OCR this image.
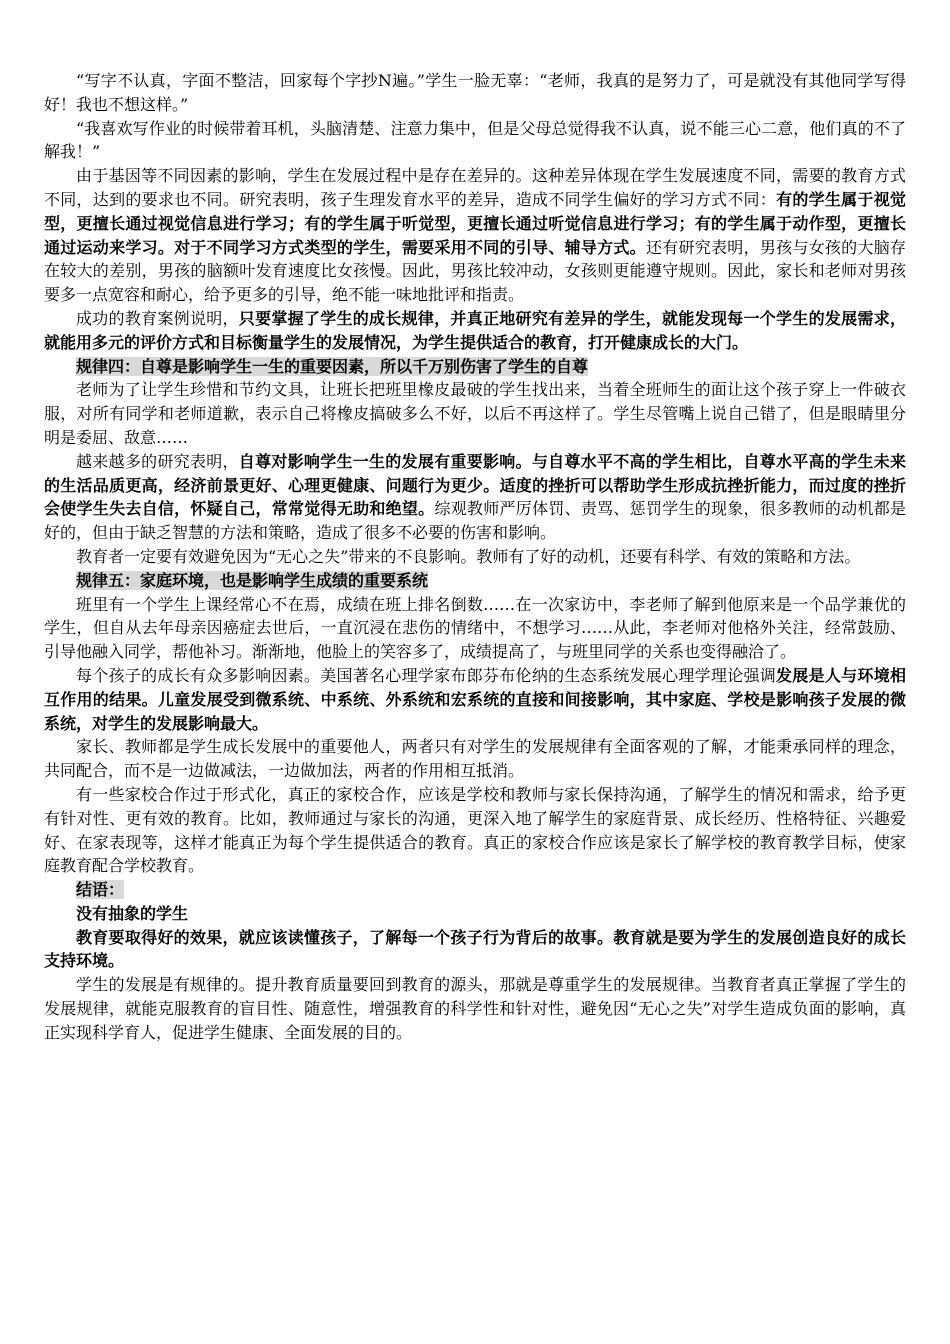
“写字不认真，字面不整洁，回家每个字抄N遍。”学生一脸无辜：“老师，我真的是努力了，可是就没有其他同学写得好！我也不想这样。”

“我喜欢写作业的时候带着耳机，头脑清楚、注意力集中，但是父母总觉得我不认真，说不能三心二意，他们真的不了解我！”

由于基因等不同因素的影响，学生在发展过程中是存在差异的。这种差异体现在学生发展速度不同，需要的教育方式不同，达到的要求也不同。研究表明，孩子生理发育水平的差异，造成不同学生偏好的学习方式不同：有的学生属于视觉型，更擅长通过视觉信息进行学习；有的学生属于听觉型，更擅长通过听觉信息进行学习；有的学生属于动作型，更擅长通过运动来学习。对于不同学习方式类型的学生，需要采用不同的引导、辅导方式。还有研究表明，男孩与女孩的大脑存在较大的差别，男孩的脑额叶发育速度比女孩慢。因此，男孩比较冲动，女孩则更能遵守规则。因此，家长和老师对男孩要多一点宽容和耐心，给予更多的引导，绝不能一味地批评和指责。

成功的教育案例说明，只要掌握了学生的成长规律，并真正地研究有差异的学生，就能发现每一个学生的发展需求，就能用多元的评价方式和目标衡量学生的发展情况，为学生提供适合的教育，打开健康成长的大门。

规律四：自尊是影响学生一生的重要因素，所以千万别伤害了学生的自尊

老师为了让学生珍惜和节约文具，让班长把班里橡皮最破的学生找出来，当着全班师生的面让这个孩子穿上一件破衣服，对所有同学和老师道歉，表示自己将橡皮搞破多么不好，以后不再这样了。学生尽管嘴上说自己错了，但是眼睛里分明是委屈、敌意……

越来越多的研究表明，自尊对影响学生一生的发展有重要影响。与自尊水平不高的学生相比，自尊水平高的学生未来的生活品质更高，经济前景更好、心理更健康、问题行为更少。适度的挫折可以帮助学生形成抗挫折能力，而过度的挫折会使学生失去自信，怀疑自己，常常觉得无助和绝望。综观教师严厉体罚、责骂、惩罚学生的现象，很多教师的动机都是好的，但由于缺乏智慧的方法和策略，造成了很多不必要的伤害和影响。

教育者一定要有效避免因为“无心之失”带来的不良影响。教师有了好的动机，还要有科学、有效的策略和方法。

规律五：家庭环境，也是影响学生成绩的重要系统

班里有一个学生上课经常心不在焉，成绩在班上排名倒数……在一次家访中，李老师了解到他原来是一个品学兼优的学生，但自从去年母亲因癌症去世后，一直沉浸在悲伤的情绪中，不想学习……从此，李老师对他格外关注，经常鼓励、引导他融入同学，帮他补习。渐渐地，他脸上的笑容多了，成绩提高了，与班里同学的关系也变得融洽了。

每个孩子的成长有众多影响因素。美国著名心理学家布郎芬布伦纳的生态系统发展心理学理论强调发展是人与环境相互作用的结果。儿童发展受到微系统、中系统、外系统和宏系统的直接和间接影响，其中家庭、学校是影响孩子发展的微系统，对学生的发展影响最大。

家长、教师都是学生成长发展中的重要他人，两者只有对学生的发展规律有全面客观的了解，才能秉承同样的理念，共同配合，而不是一边做减法，一边做加法，两者的作用相互抵消。

有一些家校合作过于形式化，真正的家校合作，应该是学校和教师与家长保持沟通，了解学生的情况和需求，给予更有针对性、更有效的教育。比如，教师通过与家长的沟通，更深入地了解学生的家庭背景、成长经历、性格特征、兴趣爱好、在家表现等，这样才能真正为每个学生提供适合的教育。真正的家校合作应该是家长了解学校的教育教学目标，使家庭教育配合学校教育。

结语：

没有抽象的学生

教育要取得好的效果，就应该读懂孩子，了解每一个孩子行为背后的故事。教育就是要为学生的发展创造良好的成长支持环境。

学生的发展是有规律的。提升教育质量要回到教育的源头，那就是尊重学生的发展规律。当教育者真正掌握了学生的发展规律，就能克服教育的盲目性、随意性，增强教育的科学性和针对性，避免因“无心之失”对学生造成负面的影响，真正实现科学育人，促进学生健康、全面发展的目的。
